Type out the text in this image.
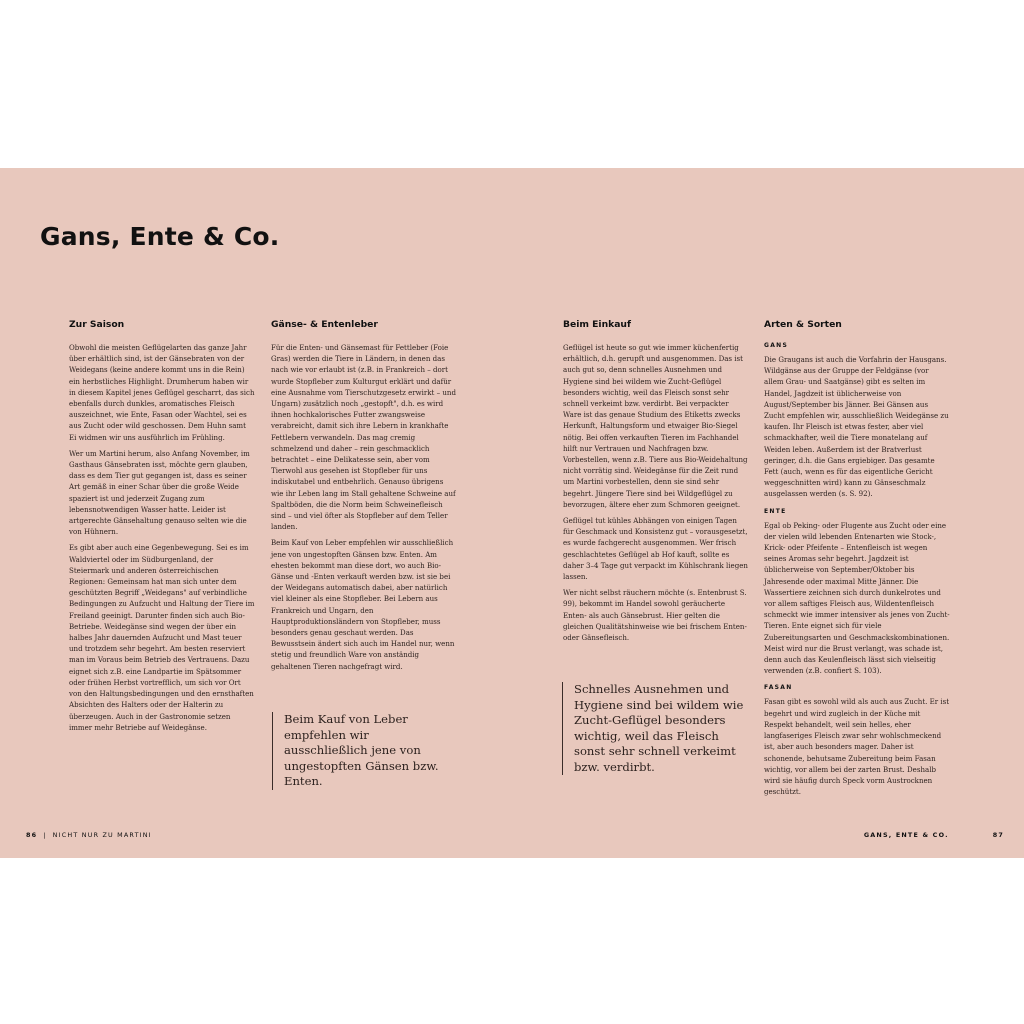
Gans, Ente & Co.
Zur Saison

Obwohl die meisten Geflügelarten das ganze Jahr über erhältlich sind, ist der Gänsebraten von der Weidegans (keine andere kommt uns in die Rein) ein herbstliches Highlight. Drumherum haben wir in diesem Kapitel jenes Geflügel gescharrt, das sich ebenfalls durch dunkles, aromatisches Fleisch auszeichnet, wie Ente, Fasan oder Wachtel, sei es aus Zucht oder wild geschossen. Dem Huhn samt Ei widmen wir uns ausführlich im Frühling.

Wer um Martini herum, also Anfang November, im Gasthaus Gänsebraten isst, möchte gern glauben, dass es dem Tier gut gegangen ist, dass es seiner Art gemäß in einer Schar über die große Weide spaziert ist und jederzeit Zugang zum lebensnotwendigen Wasser hatte. Leider ist artgerechte Gänsehaltung genauso selten wie die von Hühnern.

Es gibt aber auch eine Gegenbewegung. Sei es im Waldviertel oder im Südburgenland, der Steiermark und anderen österreichischen Regionen: Gemeinsam hat man sich unter dem geschützten Begriff „Weidegans" auf verbindliche Bedingungen zu Aufzucht und Haltung der Tiere im Freiland geeinigt. Darunter finden sich auch Bio-Betriebe. Weidegänse sind wegen der über ein halbes Jahr dauernden Aufzucht und Mast teuer und trotzdem sehr begehrt. Am besten reserviert man im Voraus beim Betrieb des Vertrauens. Dazu eignet sich z.B. eine Landpartie im Spätsommer oder frühen Herbst vortrefflich, um sich vor Ort von den Haltungsbedingungen und den ernsthaften Absichten des Halters oder der Halterin zu überzeugen. Auch in der Gastronomie setzen immer mehr Betriebe auf Weidegänse.

Gänse- & Entenleber

Für die Enten- und Gänsemast für Fettleber (Foie Gras) werden die Tiere in Ländern, in denen das nach wie vor erlaubt ist (z.B. in Frankreich – dort wurde Stopfleber zum Kulturgut erklärt und dafür eine Ausnahme vom Tierschutzgesetz erwirkt – und Ungarn) zusätzlich noch „gestopft", d.h. es wird ihnen hochkalorisches Futter zwangsweise verabreicht, damit sich ihre Lebern in krankhafte Fettlebern verwandeln. Das mag cremig schmelzend und daher – rein geschmacklich betrachtet – eine Delikatesse sein, aber vom Tierwohl aus gesehen ist Stopfleber für uns indiskutabel und entbehrlich. Genauso übrigens wie ihr Leben lang im Stall gehaltene Schweine auf Spaltböden, die die Norm beim Schweinefleisch sind – und viel öfter als Stopfleber auf dem Teller landen.

Beim Kauf von Leber empfehlen wir ausschließlich jene von ungestopften Gänsen bzw. Enten. Am ehesten bekommt man diese dort, wo auch Bio-Gänse und -Enten verkauft werden bzw. ist sie bei der Weidegans automatisch dabei, aber natürlich viel kleiner als eine Stopfleber. Bei Lebern aus Frankreich und Ungarn, den Hauptproduktionsländern von Stopfleber, muss besonders genau geschaut werden. Das Bewusstsein ändert sich auch im Handel nur, wenn stetig und freundlich Ware von anständig gehaltenen Tieren nachgefragt wird.

Beim Kauf von Leber empfehlen wir ausschließlich jene von ungestopften Gänsen bzw. Enten.
Beim Einkauf

Geflügel ist heute so gut wie immer küchenfertig erhältlich, d.h. gerupft und ausgenommen. Das ist auch gut so, denn schnelles Ausnehmen und Hygiene sind bei wildem wie Zucht-Geflügel besonders wichtig, weil das Fleisch sonst sehr schnell verkeimt bzw. verdirbt. Bei verpackter Ware ist das genaue Studium des Etiketts zwecks Herkunft, Haltungsform und etwaiger Bio-Siegel nötig. Bei offen verkauften Tieren im Fachhandel hilft nur Vertrauen und Nachfragen bzw. Vorbestellen, wenn z.B. Tiere aus Bio-Weidehaltung nicht vorrätig sind. Weidegänse für die Zeit rund um Martini vorbestellen, denn sie sind sehr begehrt. Jüngere Tiere sind bei Wildgeflügel zu bevorzugen, ältere eher zum Schmoren geeignet.

Geflügel tut kühles Abhängen von einigen Tagen für Geschmack und Konsistenz gut – vorausgesetzt, es wurde fachgerecht ausgenommen. Wer frisch geschlachtetes Geflügel ab Hof kauft, sollte es daher 3–4 Tage gut verpackt im Kühlschrank liegen lassen.

Wer nicht selbst räuchern möchte (s. Entenbrust S. 99), bekommt im Handel sowohl geräucherte Enten- als auch Gänsebrust. Hier gelten die gleichen Qualitätshinweise wie bei frischem Enten- oder Gänsefleisch.

Schnelles Ausnehmen und Hygiene sind bei wildem wie Zucht-Geflügel besonders wichtig, weil das Fleisch sonst sehr schnell verkeimt bzw. verdirbt.
Arten & Sorten
GANS

Die Graugans ist auch die Vorfahrin der Hausgans. Wildgänse aus der Gruppe der Feldgänse (vor allem Grau- und Saatgänse) gibt es selten im Handel, Jagdzeit ist üblicherweise von August/September bis Jänner. Bei Gänsen aus Zucht empfehlen wir, ausschließlich Weidegänse zu kaufen. Ihr Fleisch ist etwas fester, aber viel schmackhafter, weil die Tiere monatelang auf Weiden leben. Außerdem ist der Bratverlust geringer, d.h. die Gans ergiebiger. Das gesamte Fett (auch, wenn es für das eigentliche Gericht weggeschnitten wird) kann zu Gänseschmalz ausgelassen werden (s. S. 92).

ENTE

Egal ob Peking- oder Flugente aus Zucht oder eine der vielen wild lebenden Entenarten wie Stock-, Krick- oder Pfeifente – Entenfleisch ist wegen seines Aromas sehr begehrt. Jagdzeit ist üblicherweise von September/Oktober bis Jahresende oder maximal Mitte Jänner. Die Wassertiere zeichnen sich durch dunkelrotes und vor allem saftiges Fleisch aus, Wildentenfleisch schmeckt wie immer intensiver als jenes von Zucht-Tieren. Ente eignet sich für viele Zubereitungsarten und Geschmackskombinationen. Meist wird nur die Brust verlangt, was schade ist, denn auch das Keulenfleisch lässt sich vielseitig verwenden (z.B. confiert S. 103).

FASAN

Fasan gibt es sowohl wild als auch aus Zucht. Er ist begehrt und wird zugleich in der Küche mit Respekt behandelt, weil sein helles, eher langfaseriges Fleisch zwar sehr wohlschmeckend ist, aber auch besonders mager. Daher ist schonende, behutsame Zubereitung beim Fasan wichtig, vor allem bei der zarten Brust. Deshalb wird sie häufig durch Speck vorm Austrocknen geschützt.

86 | NICHT NUR ZU MARTINI	GANS, ENTE & CO.	87
